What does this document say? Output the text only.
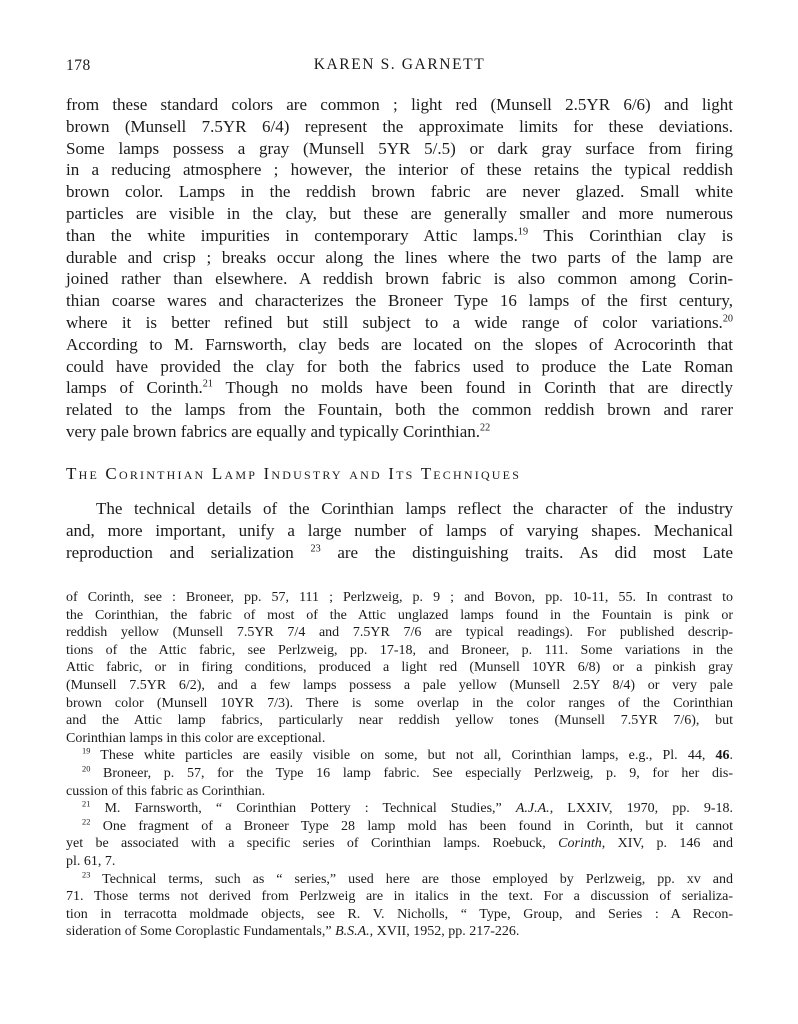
178	KAREN S. GARNETT
from these standard colors are common ; light red (Munsell 2.5YR 6/6) and light
brown (Munsell 7.5YR 6/4) represent the approximate limits for these deviations.
Some lamps possess a gray (Munsell 5YR 5/.5) or dark gray surface from firing
in a reducing atmosphere ; however, the interior of these retains the typical reddish
brown color. Lamps in the reddish brown fabric are never glazed. Small white
particles are visible in the clay, but these are generally smaller and more numerous
than the white impurities in contemporary Attic lamps.$^{19}$ This Corinthian clay is
durable and crisp ; breaks occur along the lines where the two parts of the lamp are
joined rather than elsewhere. A reddish brown fabric is also common among Corin-
thian coarse wares and characterizes the Broneer Type 16 lamps of the first century,
where it is better refined but still subject to a wide range of color variations.$^{20}$
According to M. Farnsworth, clay beds are located on the slopes of Acrocorinth that
could have provided the clay for both the fabrics used to produce the Late Roman
lamps of Corinth.$^{21}$ Though no molds have been found in Corinth that are directly
related to the lamps from the Fountain, both the common reddish brown and rarer
very pale brown fabrics are equally and typically Corinthian.$^{22}$
The Corinthian Lamp Industry and Its Techniques
The technical details of the Corinthian lamps reflect the character of the industry
and, more important, unify a large number of lamps of varying shapes. Mechanical
reproduction and serialization $^{23}$ are the distinguishing traits. As did most Late
of Corinth, see : Broneer, pp. 57, 111 ; Perlzweig, p. 9 ; and Bovon, pp. 10-11, 55. In contrast to
the Corinthian, the fabric of most of the Attic unglazed lamps found in the Fountain is pink or
reddish yellow (Munsell 7.5YR 7/4 and 7.5YR 7/6 are typical readings). For published descrip-
tions of the Attic fabric, see Perlzweig, pp. 17-18, and Broneer, p. 111. Some variations in the
Attic fabric, or in firing conditions, produced a light red (Munsell 10YR 6/8) or a pinkish gray
(Munsell 7.5YR 6/2), and a few lamps possess a pale yellow (Munsell 2.5Y 8/4) or very pale
brown color (Munsell 10YR 7/3). There is some overlap in the color ranges of the Corinthian
and the Attic lamp fabrics, particularly near reddish yellow tones (Munsell 7.5YR 7/6), but
Corinthian lamps in this color are exceptional.
$^{19}$ These white particles are easily visible on some, but not all, Corinthian lamps, e.g., Pl. 44, 46.
$^{20}$ Broneer, p. 57, for the Type 16 lamp fabric. See especially Perlzweig, p. 9, for her dis-
cussion of this fabric as Corinthian.
$^{21}$ M. Farnsworth, “ Corinthian Pottery : Technical Studies,” A.J.A., LXXIV, 1970, pp. 9-18.
$^{22}$ One fragment of a Broneer Type 28 lamp mold has been found in Corinth, but it cannot
yet be associated with a specific series of Corinthian lamps. Roebuck, Corinth, XIV, p. 146 and
pl. 61, 7.
$^{23}$ Technical terms, such as “ series,” used here are those employed by Perlzweig, pp. xv and
71. Those terms not derived from Perlzweig are in italics in the text. For a discussion of serializa-
tion in terracotta moldmade objects, see R. V. Nicholls, “ Type, Group, and Series : A Recon-
sideration of Some Coroplastic Fundamentals,” B.S.A., XVII, 1952, pp. 217-226.
